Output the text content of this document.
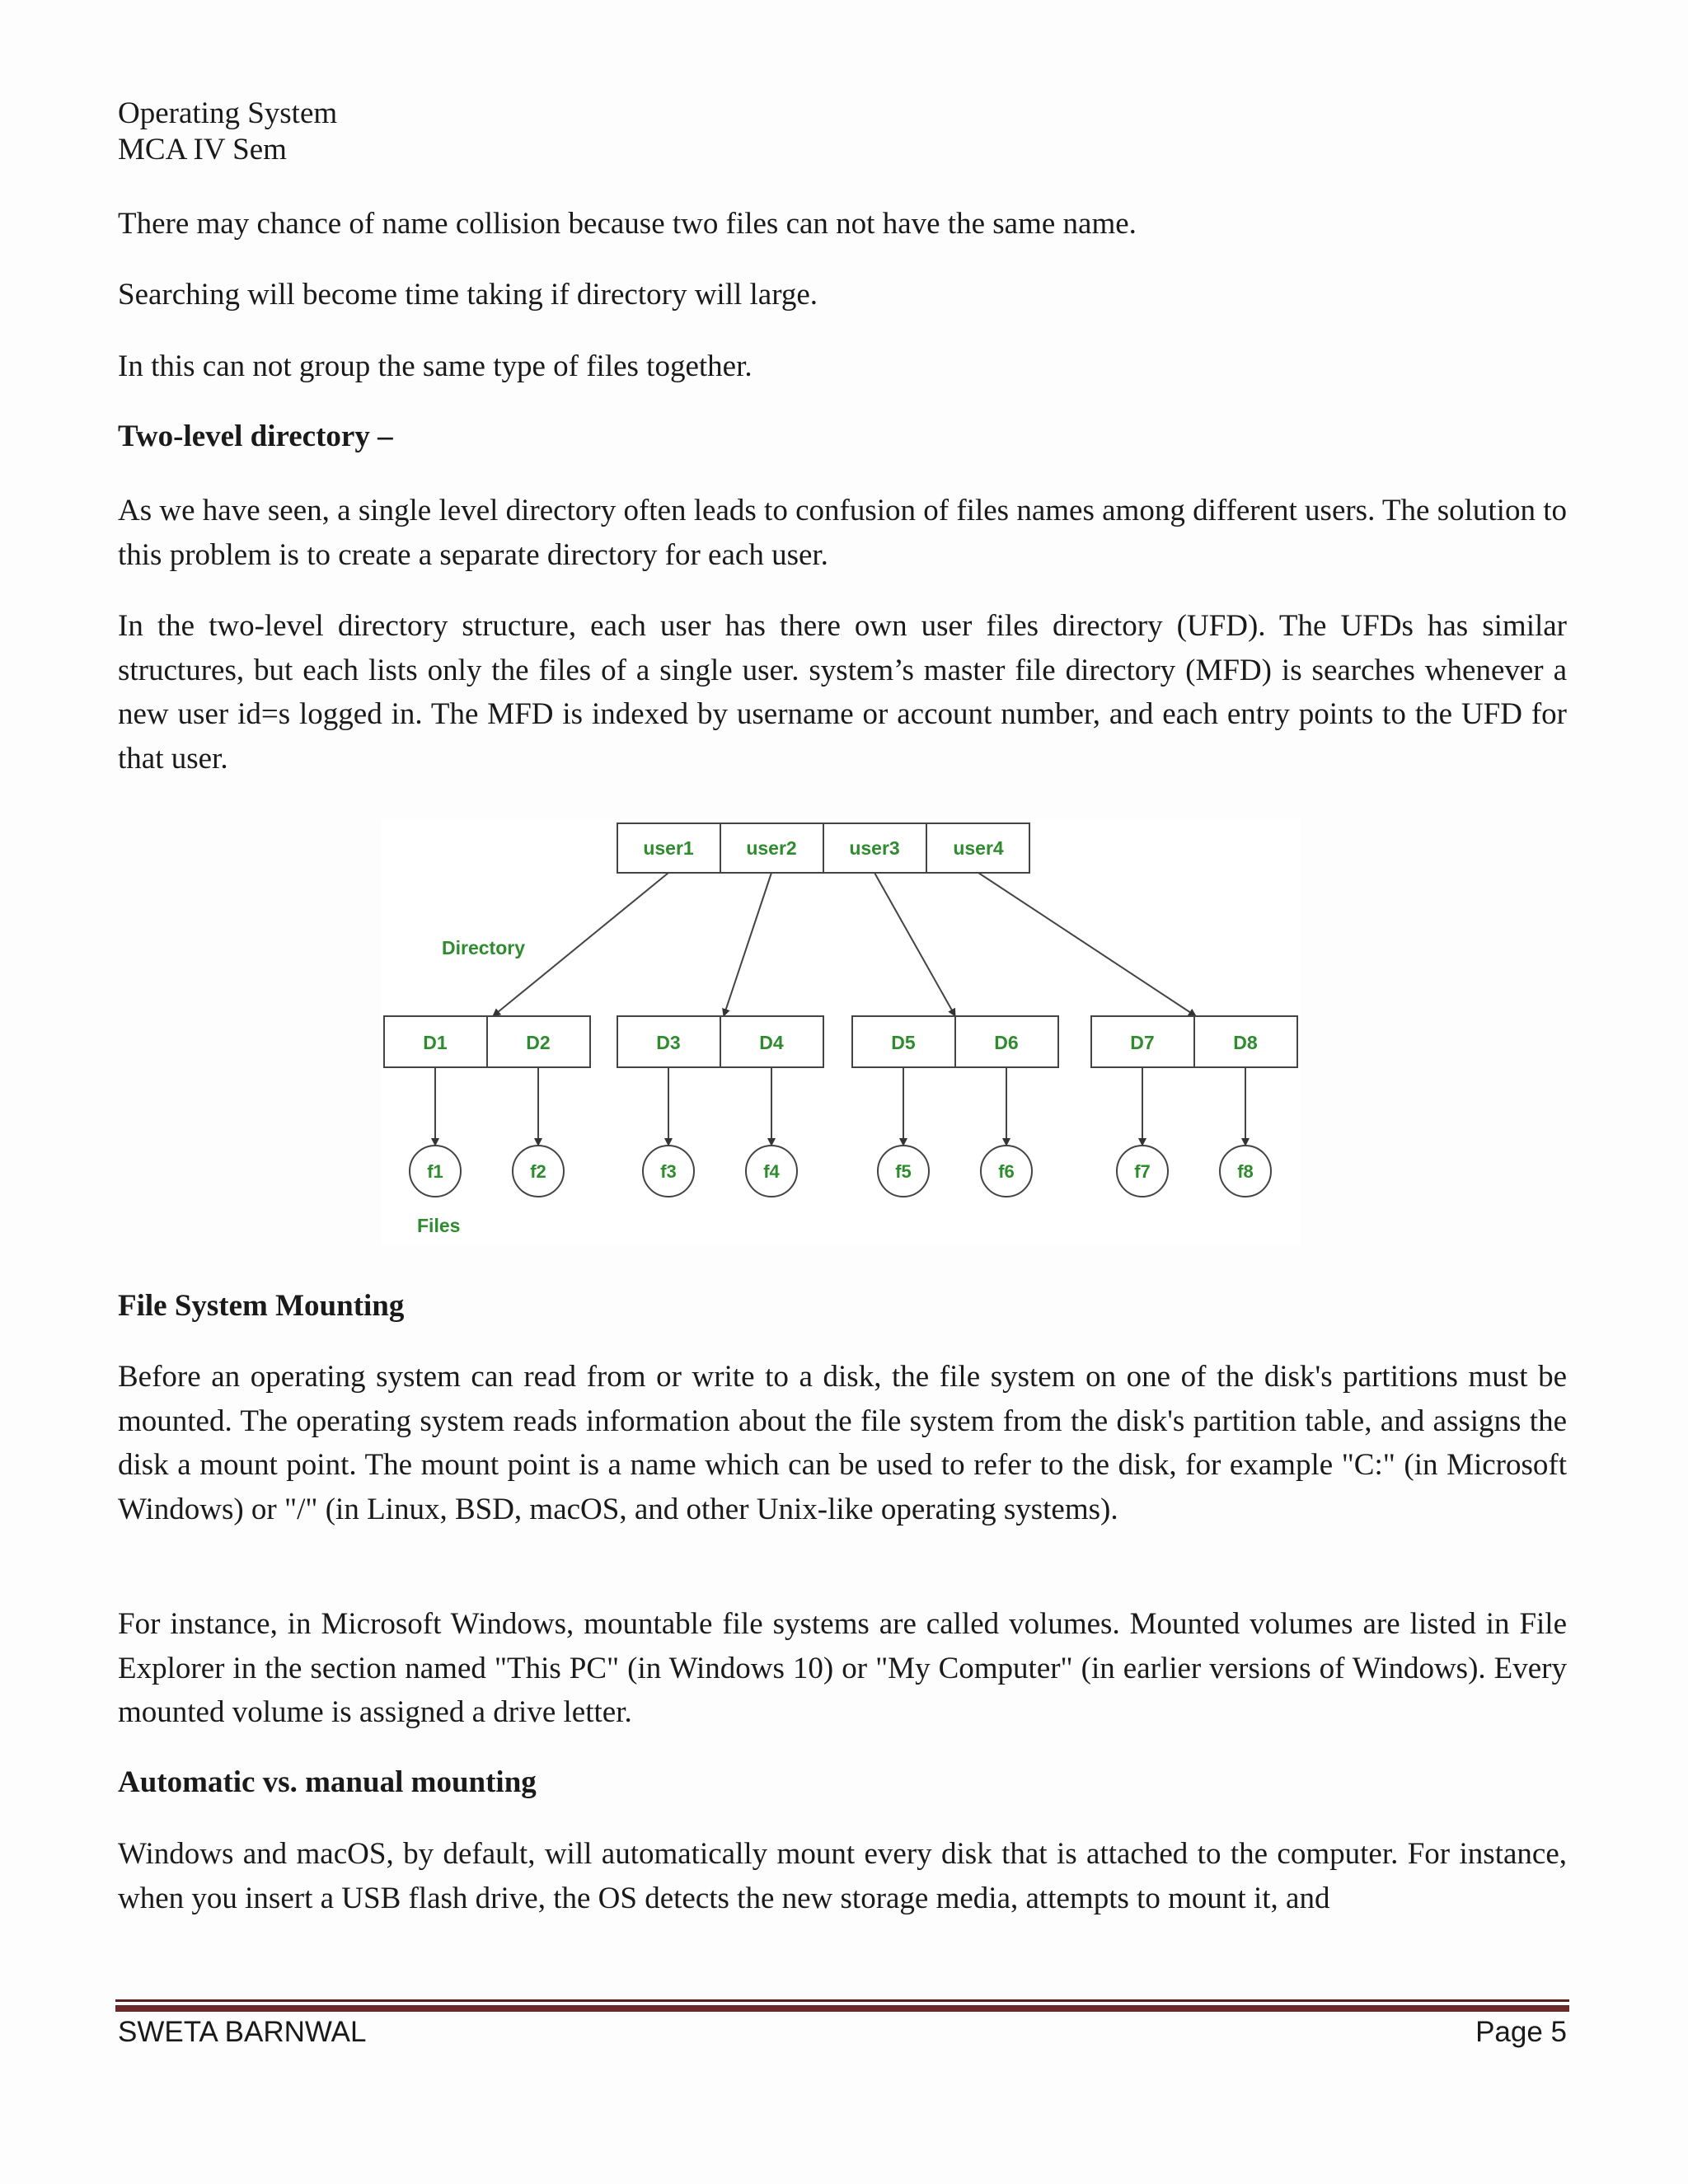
Operating System
MCA IV Sem
There may chance of name collision because two files can not have the same name.
Searching will become time taking if directory will large.
In this can not group the same type of files together.
Two-level directory –
As we have seen, a single level directory often leads to confusion of files names among different users. The solution to this problem is to create a separate directory for each user.
In the two-level directory structure, each user has there own user files directory (UFD). The UFDs has similar structures, but each lists only the files of a single user. system’s master file directory (MFD) is searches whenever a new user id=s logged in. The MFD is indexed by username or account number, and each entry points to the UFD for that user.
File System Mounting
Before an operating system can read from or write to a disk, the file system on one of the disk's partitions must be mounted. The operating system reads information about the file system from the disk's partition table, and assigns the disk a mount point. The mount point is a name which can be used to refer to the disk, for example "C:" (in Microsoft Windows) or "/" (in Linux, BSD, macOS, and other Unix-like operating systems).
For instance, in Microsoft Windows, mountable file systems are called volumes. Mounted volumes are listed in File Explorer in the section named "This PC" (in Windows 10) or "My Computer" (in earlier versions of Windows). Every mounted volume is assigned a drive letter.
Automatic vs. manual mounting
Windows and macOS, by default, will automatically mount every disk that is attached to the computer. For instance, when you insert a USB flash drive, the OS detects the new storage media, attempts to mount it, and
user1	user2	user3	user4
Directory
D1	D2	D3	D4	D5	D6	D7	D8
f1	f2	f3	f4	f5	f6	f7	f8
Files
SWETA BARNWAL	Page 5
